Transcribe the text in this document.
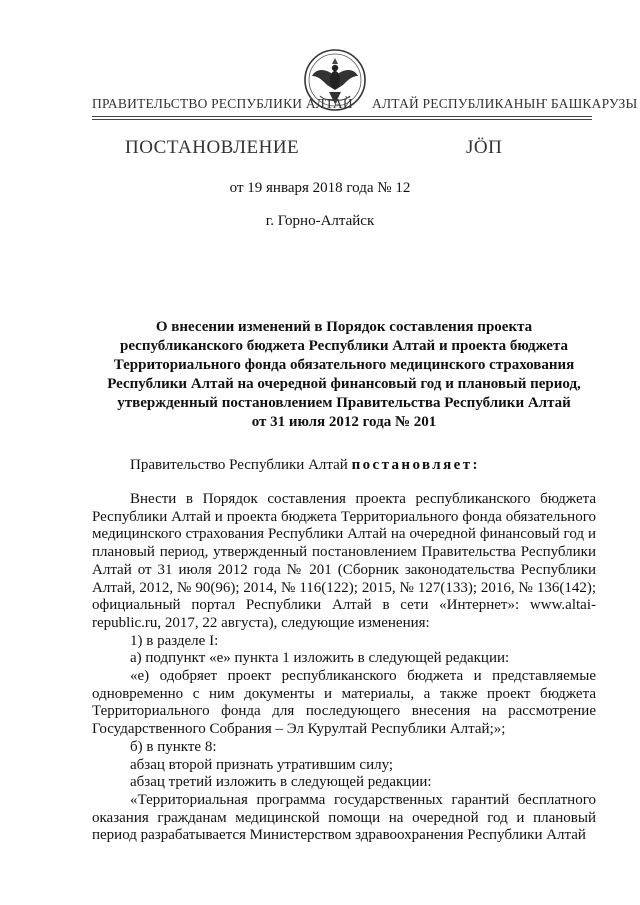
ПРАВИТЕЛЬСТВО РЕСПУБЛИКИ АЛТАЙ АЛТАЙ РЕСПУБЛИКАНЫҤ БАШКАРУЗЫ
ПОСТАНОВЛЕНИЕ	ЈӦП
от 19 января 2018 года № 12
г. Горно-Алтайск
О внесении изменений в Порядок составления проекта
республиканского бюджета Республики Алтай и проекта бюджета
Территориального фонда обязательного медицинского страхования
Республики Алтай на очередной финансовый год и плановый период,
утвержденный постановлением Правительства Республики Алтай
от 31 июля 2012 года № 201
Правительство Республики Алтай постановляет:

Внести в Порядок составления проекта республиканского бюджета Республики Алтай и проекта бюджета Территориального фонда обязательного медицинского страхования Республики Алтай на очередной финансовый год и плановый период, утвержденный постановлением Правительства Республики Алтай от 31 июля 2012 года № 201 (Сборник законодательства Республики Алтай, 2012, № 90(96); 2014, № 116(122); 2015, № 127(133); 2016, № 136(142); официальный портал Республики Алтай в сети «Интернет»: www.altai-republic.ru, 2017, 22 августа), следующие изменения:

1) в разделе I:

а) подпункт «е» пункта 1 изложить в следующей редакции:

«е) одобряет проект республиканского бюджета и представляемые одновременно с ним документы и материалы, а также проект бюджета Территориального фонда для последующего внесения на рассмотрение Государственного Собрания – Эл Курултай Республики Алтай;»;

б) в пункте 8:

абзац второй признать утратившим силу;

абзац третий изложить в следующей редакции:

«Территориальная программа государственных гарантий бесплатного оказания гражданам медицинской помощи на очередной год и плановый период разрабатывается Министерством здравоохранения Республики Алтай
